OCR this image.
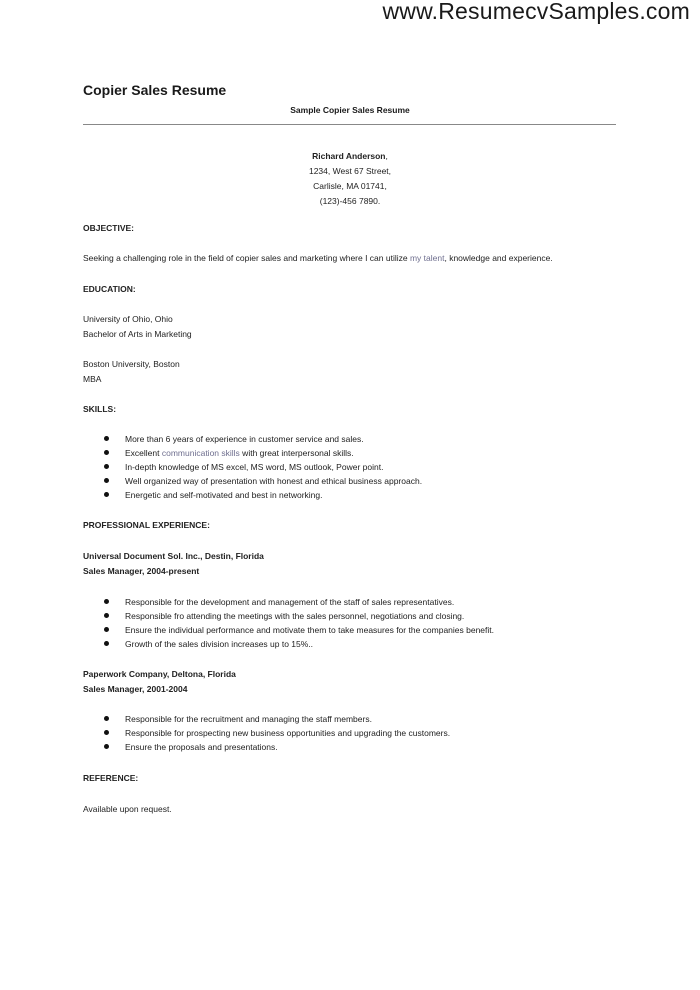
www.ResumecvSamples.com
Copier Sales Resume
Sample Copier Sales Resume
Richard Anderson,
1234, West 67 Street,
Carlisle, MA 01741,
(123)-456 7890.
OBJECTIVE:
Seeking a challenging role in the field of copier sales and marketing where I can utilize my talent, knowledge and experience.
EDUCATION:
University of Ohio, Ohio
Bachelor of Arts in Marketing
Boston University, Boston
MBA
SKILLS:
More than 6 years of experience in customer service and sales.
Excellent communication skills with great interpersonal skills.
In-depth knowledge of MS excel, MS word, MS outlook, Power point.
Well organized way of presentation with honest and ethical business approach.
Energetic and self-motivated and best in networking.
PROFESSIONAL EXPERIENCE:
Universal Document Sol. Inc., Destin, Florida
Sales Manager, 2004-present
Responsible for the development and management of the staff of sales representatives.
Responsible fro attending the meetings with the sales personnel, negotiations and closing.
Ensure the individual performance and motivate them to take measures for the companies benefit.
Growth of the sales division increases up to 15%..
Paperwork Company, Deltona, Florida
Sales Manager, 2001-2004
Responsible for the recruitment and managing the staff members.
Responsible for prospecting new business opportunities and upgrading the customers.
Ensure the proposals and presentations.
REFERENCE:
Available upon request.
